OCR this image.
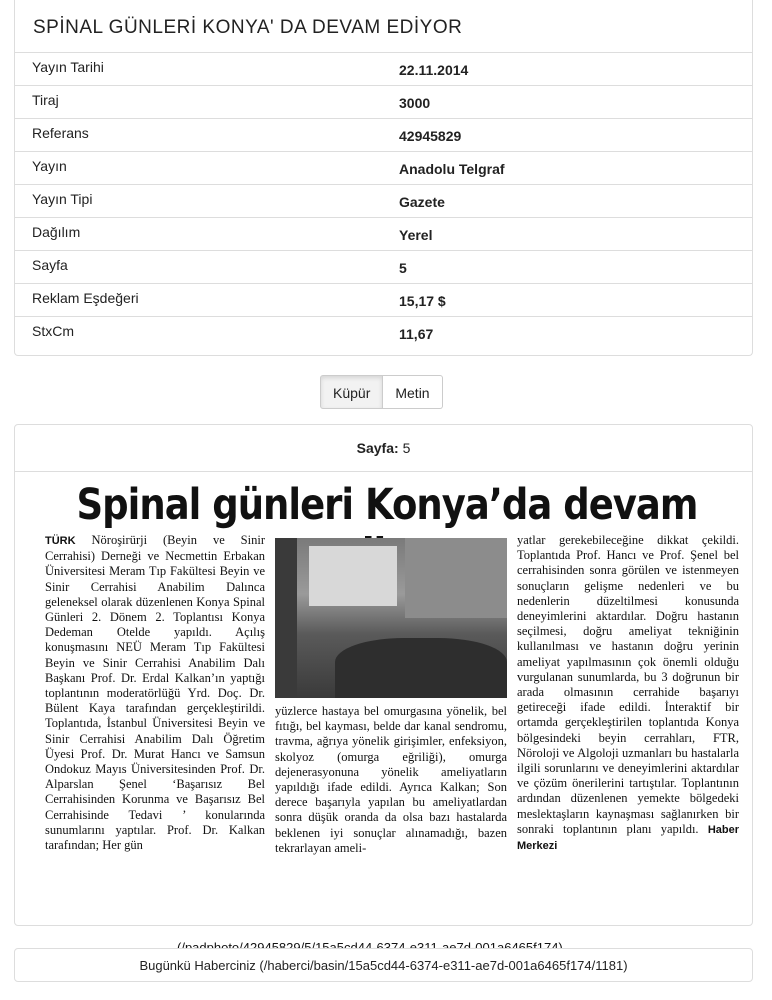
SPİNAL GÜNLERİ KONYA' DA DEVAM EDİYOR
Yayın Tarihi	22.11.2014
Tiraj	3000
Referans	42945829
Yayın	Anadolu Telgraf
Yayın Tipi	Gazete
Dağılım	Yerel
Sayfa	5
Reklam Eşdeğeri	15,17 $
StxCm	11,67
Küpür	Metin
Sayfa: 5
Spinal günleri Konya’da devam
TÜRK Nöroşirürji (Beyin ve Sinir Cerrahisi) Derneği ve Necmettin Erbakan Üniversitesi Meram Tıp Fakültesi Beyin ve Sinir Cerrahisi Anabilim Dalınca geleneksel olarak düzenlenen Konya Spinal Günleri 2. Dönem 2. Toplantısı Konya Dedeman Otelde yapıldı. Açılış konuşmasını NEÜ Meram Tıp Fakültesi Beyin ve Sinir Cerrahisi Anabilim Dalı Başkanı Prof. Dr. Erdal Kalkan’ın yaptığı toplantının moderatörlüğü Yrd. Doç. Dr. Bülent Kaya tarafından gerçekleştirildi. Toplantıda, İstanbul Üniversitesi Beyin ve Sinir Cerrahisi Anabilim Dalı Öğretim Üyesi Prof. Dr. Murat Hancı ve Samsun Ondokuz Mayıs Üniversitesinden Prof. Dr. Alparslan Şenel ‘Başarısız Bel Cerrahisinden Korunma ve Başarısız Bel Cerrahisinde Tedavi ’ konularında sunumlarını yaptılar. Prof. Dr. Kalkan tarafından; Her gün
yüzlerce hastaya bel omurgasına yönelik, bel fıtığı, bel kayması, belde dar kanal sendromu, travma, ağrıya yönelik girişimler, enfeksiyon, skolyoz (omurga eğriliği), omurga dejenerasyonuna yönelik ameliyatların yapıldığı ifade edildi. Ayrıca Kalkan; Son derece başarıyla yapılan bu ameliyatlardan sonra düşük oranda da olsa bazı hastalarda beklenen iyi sonuçlar alınamadığı, bazen tekrarlayan ameli-
yatlar gerekebileceğine dikkat çekildi. Toplantıda Prof. Hancı ve Prof. Şenel bel cerrahisinden sonra görülen ve istenmeyen sonuçların gelişme nedenleri ve bu nedenlerin düzeltilmesi konusunda deneyimlerini aktardılar. Doğru hastanın seçilmesi, doğru ameliyat tekniğinin kullanılması ve hastanın doğru yerinin ameliyat yapılmasının çok önemli olduğu vurgulanan sunumlarda, bu 3 doğrunun bir arada olmasının cerrahide başarıyı getireceği ifade edildi. İnteraktif bir ortamda gerçekleştirilen toplantıda Konya bölgesindeki beyin cerrahları, FTR, Nöroloji ve Algoloji uzmanları bu hastalarla ilgili sorunlarını ve deneyimlerini aktardılar ve çözüm önerilerini tartıştılar. Toplantının ardından düzenlenen yemekte bölgedeki meslektaşların kaynaşması sağlanırken bir sonraki toplantının planı yapıldı. Haber Merkezi
Bugünkü Haberciniz (/haberci/basin/15a5cd44-6374-e311-ae7d-001a6465f174/1181)
